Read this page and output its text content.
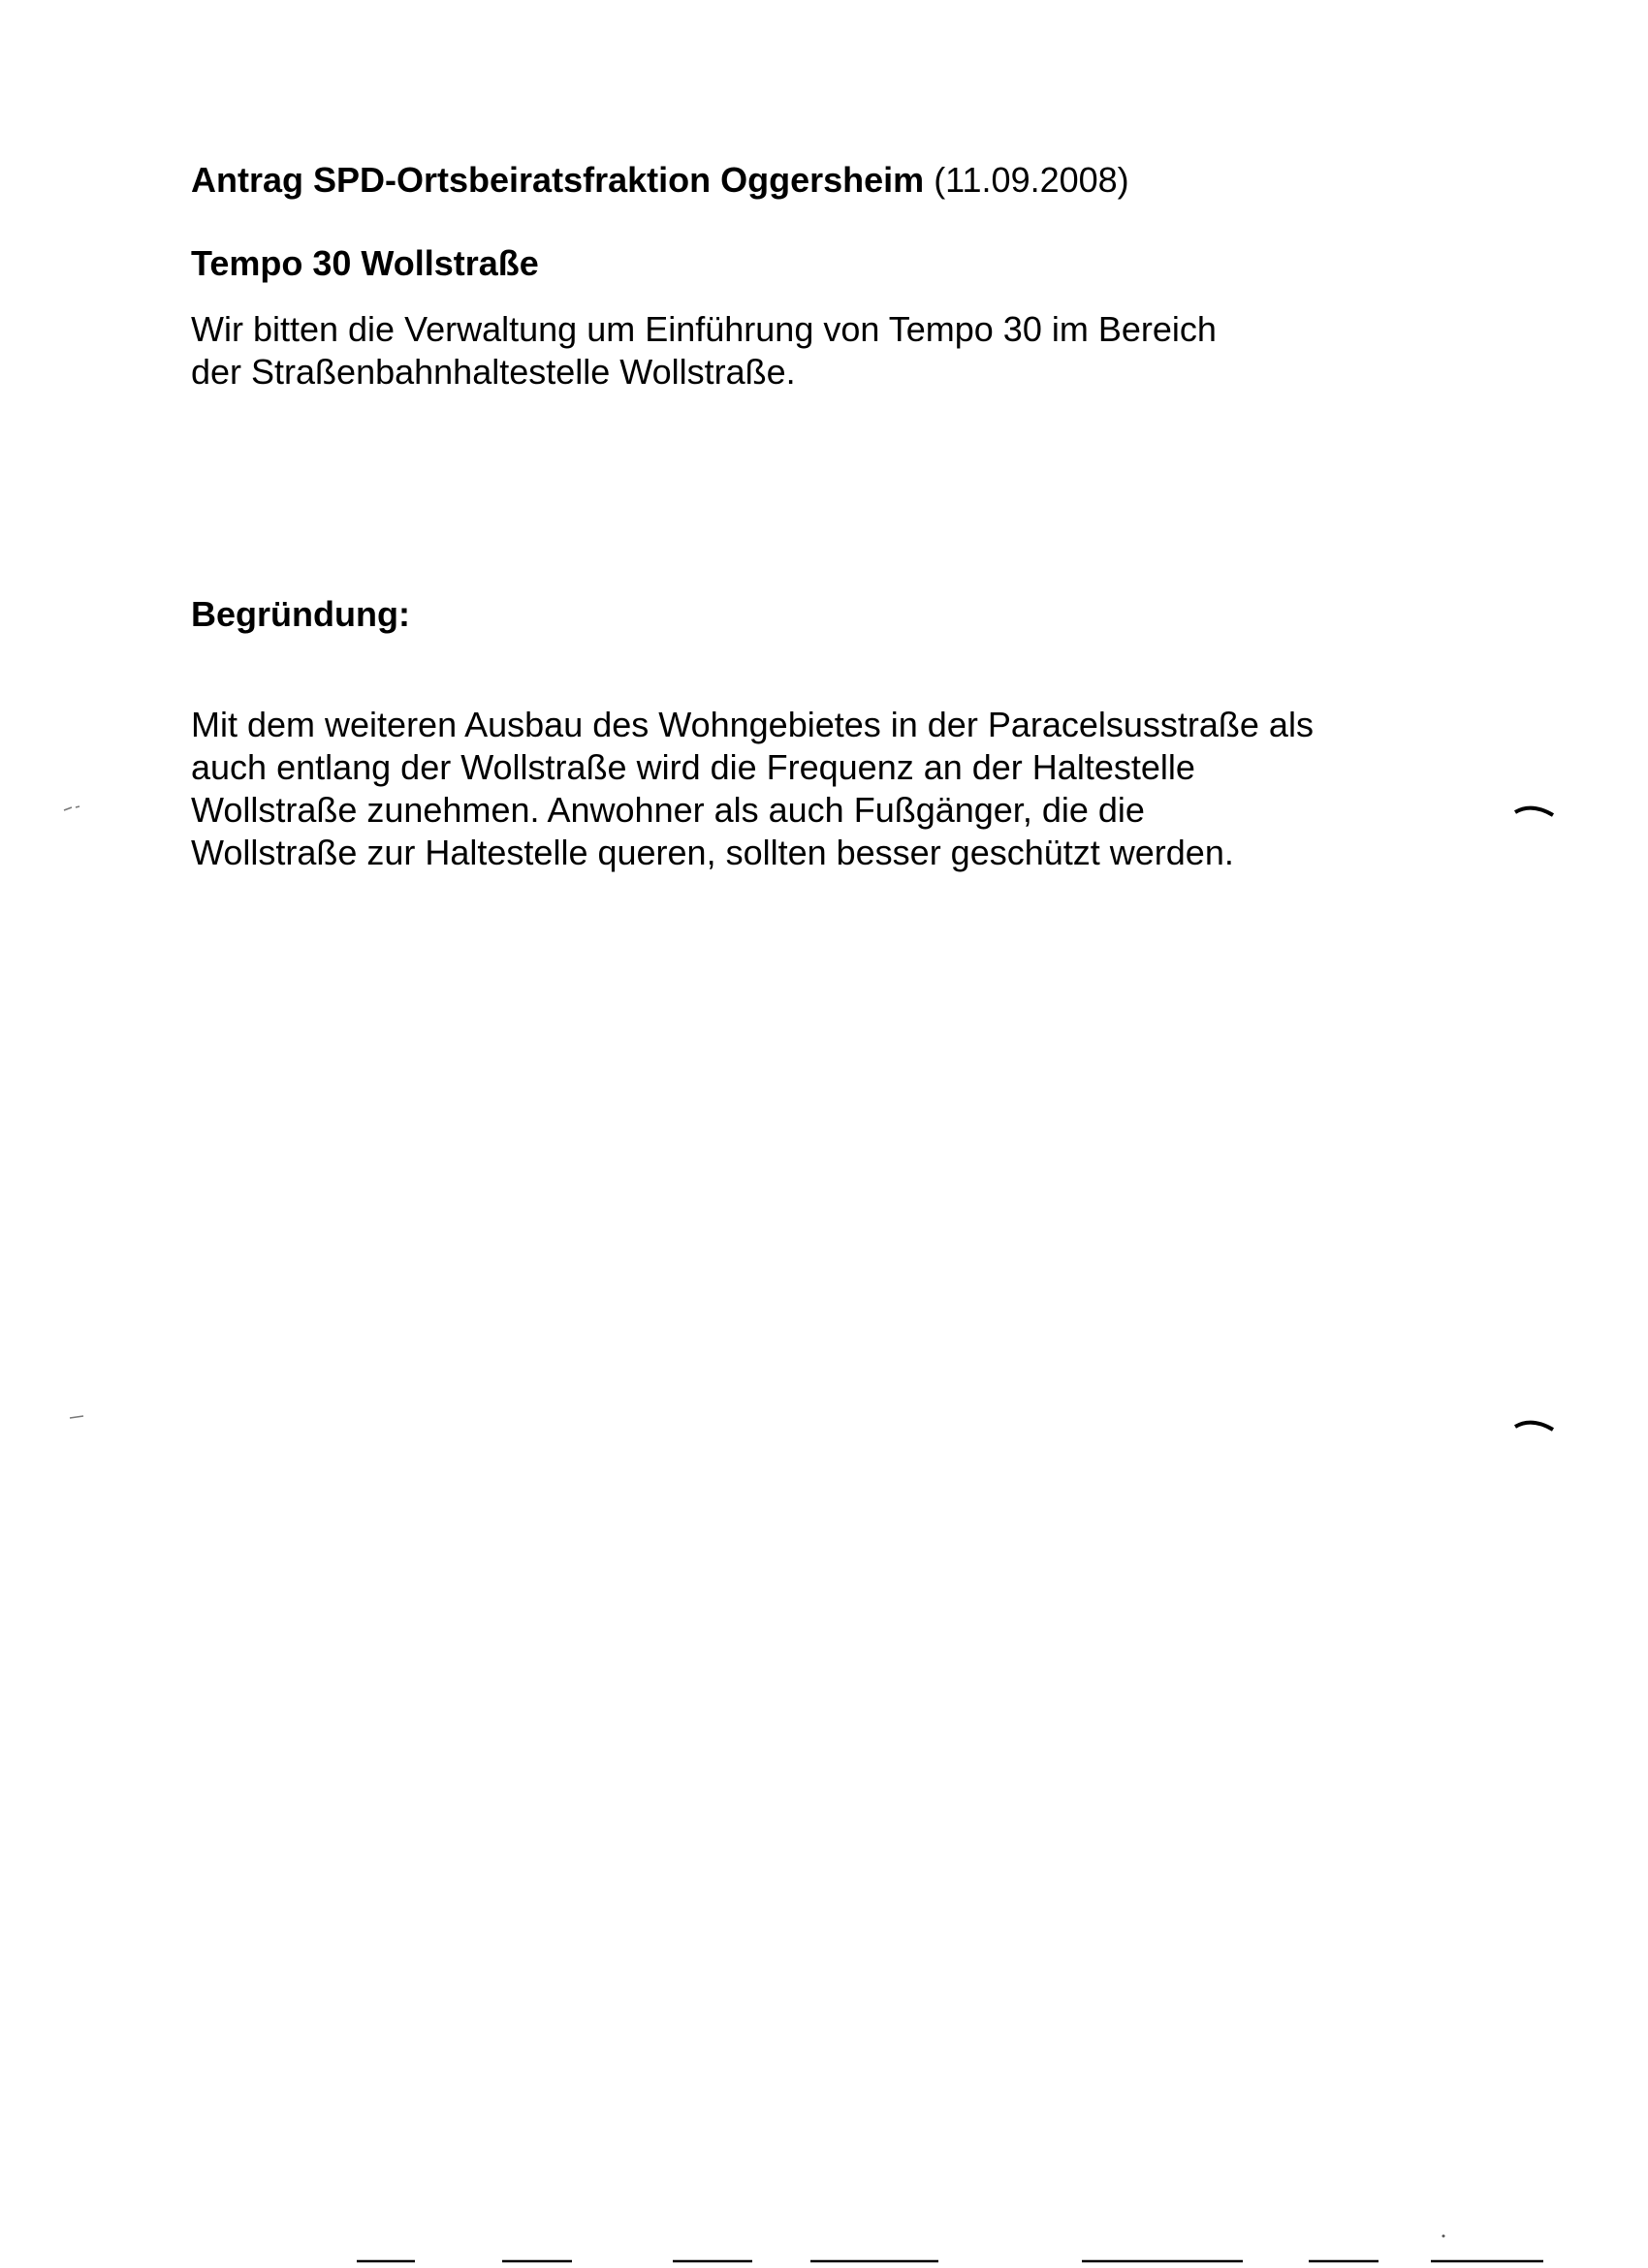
Antrag SPD-Ortsbeiratsfraktion Oggersheim (11.09.2008)
Tempo 30 Wollstraße
Wir bitten die Verwaltung um Einführung von Tempo 30 im Bereich
der Straßenbahnhaltestelle Wollstraße.
Begründung:
Mit dem weiteren Ausbau des Wohngebietes in der Paracelsusstraße als
auch entlang der Wollstraße wird die Frequenz an der Haltestelle
Wollstraße zunehmen. Anwohner als auch Fußgänger, die die
Wollstraße zur Haltestelle queren, sollten besser geschützt werden.
